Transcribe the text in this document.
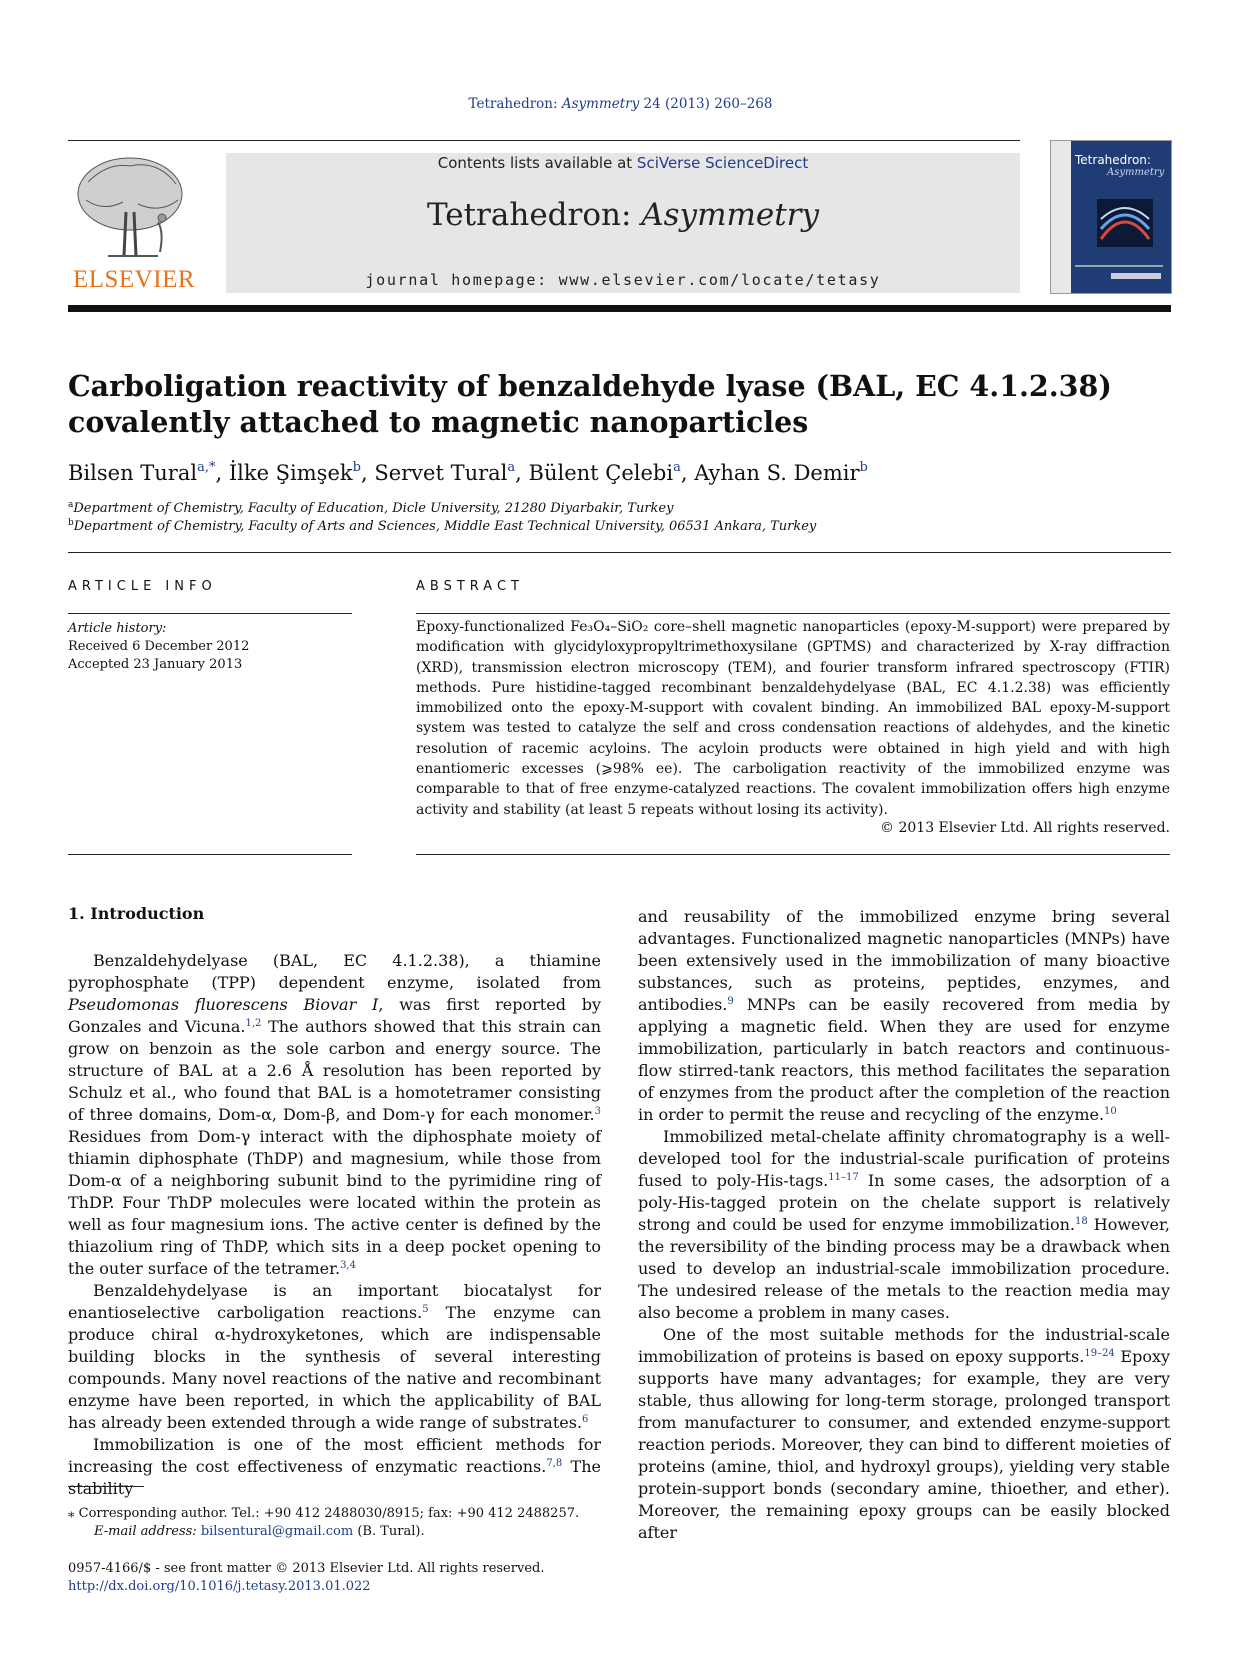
Tetrahedron: Asymmetry 24 (2013) 260–268
ELSEVIER
Contents lists available at SciVerse ScienceDirect
Tetrahedron: Asymmetry
journal homepage: www.elsevier.com/locate/tetasy
Tetrahedron:
Asymmetry
Carboligation reactivity of benzaldehyde lyase (BAL, EC 4.1.2.38) covalently attached to magnetic nanoparticles
Bilsen Tural$^{a,*}$, İlke Şimşek$^b$, Servet Tural$^a$, Bülent Çelebi$^a$, Ayhan S. Demir$^b$
$^a$Department of Chemistry, Faculty of Education, Dicle University, 21280 Diyarbakir, Turkey
$^b$Department of Chemistry, Faculty of Arts and Sciences, Middle East Technical University, 06531 Ankara, Turkey
ARTICLE INFO
Article history:
Received 6 December 2012
Accepted 23 January 2013
ABSTRACT
Epoxy-functionalized Fe₃O₄–SiO₂ core–shell magnetic nanoparticles (epoxy-M-support) were prepared by modification with glycidyloxypropyltrimethoxysilane (GPTMS) and characterized by X-ray diffraction (XRD), transmission electron microscopy (TEM), and fourier transform infrared spectroscopy (FTIR) methods. Pure histidine-tagged recombinant benzaldehydelyase (BAL, EC 4.1.2.38) was efficiently immobilized onto the epoxy-M-support with covalent binding. An immobilized BAL epoxy-M-support system was tested to catalyze the self and cross condensation reactions of aldehydes, and the kinetic resolution of racemic acyloins. The acyloin products were obtained in high yield and with high enantiomeric excesses (⩾98% ee). The carboligation reactivity of the immobilized enzyme was comparable to that of free enzyme-catalyzed reactions. The covalent immobilization offers high enzyme activity and stability (at least 5 repeats without losing its activity).
© 2013 Elsevier Ltd. All rights reserved.
1. Introduction

Benzaldehydelyase (BAL, EC 4.1.2.38), a thiamine pyrophosphate (TPP) dependent enzyme, isolated from Pseudomonas fluorescens Biovar I, was first reported by Gonzales and Vicuna.$^{1,2}$ The authors showed that this strain can grow on benzoin as the sole carbon and energy source. The structure of BAL at a 2.6 Å resolution has been reported by Schulz et al., who found that BAL is a homotetramer consisting of three domains, Dom-α, Dom-β, and Dom-γ for each monomer.$^3$ Residues from Dom-γ interact with the diphosphate moiety of thiamin diphosphate (ThDP) and magnesium, while those from Dom-α of a neighboring subunit bind to the pyrimidine ring of ThDP. Four ThDP molecules were located within the protein as well as four magnesium ions. The active center is defined by the thiazolium ring of ThDP, which sits in a deep pocket opening to the outer surface of the tetramer.$^{3,4}$

Benzaldehydelyase is an important biocatalyst for enantioselective carboligation reactions.$^5$ The enzyme can produce chiral α-hydroxyketones, which are indispensable building blocks in the synthesis of several interesting compounds. Many novel reactions of the native and recombinant enzyme have been reported, in which the applicability of BAL has already been extended through a wide range of substrates.$^6$

Immobilization is one of the most efficient methods for increasing the cost effectiveness of enzymatic reactions.$^{7,8}$ The stability

and reusability of the immobilized enzyme bring several advantages. Functionalized magnetic nanoparticles (MNPs) have been extensively used in the immobilization of many bioactive substances, such as proteins, peptides, enzymes, and antibodies.$^9$ MNPs can be easily recovered from media by applying a magnetic field. When they are used for enzyme immobilization, particularly in batch reactors and continuous-flow stirred-tank reactors, this method facilitates the separation of enzymes from the product after the completion of the reaction in order to permit the reuse and recycling of the enzyme.$^{10}$

Immobilized metal-chelate affinity chromatography is a well-developed tool for the industrial-scale purification of proteins fused to poly-His-tags.$^{11-17}$ In some cases, the adsorption of a poly-His-tagged protein on the chelate support is relatively strong and could be used for enzyme immobilization.$^{18}$ However, the reversibility of the binding process may be a drawback when used to develop an industrial-scale immobilization procedure. The undesired release of the metals to the reaction media may also become a problem in many cases.

One of the most suitable methods for the industrial-scale immobilization of proteins is based on epoxy supports.$^{19-24}$ Epoxy supports have many advantages; for example, they are very stable, thus allowing for long-term storage, prolonged transport from manufacturer to consumer, and extended enzyme-support reaction periods. Moreover, they can bind to different moieties of proteins (amine, thiol, and hydroxyl groups), yielding very stable protein-support bonds (secondary amine, thioether, and ether). Moreover, the remaining epoxy groups can be easily blocked after

⁎ Corresponding author. Tel.: +90 412 2488030/8915; fax: +90 412 2488257.
E-mail address: bilsentural@gmail.com (B. Tural).
0957-4166/$ - see front matter © 2013 Elsevier Ltd. All rights reserved.
http://dx.doi.org/10.1016/j.tetasy.2013.01.022
